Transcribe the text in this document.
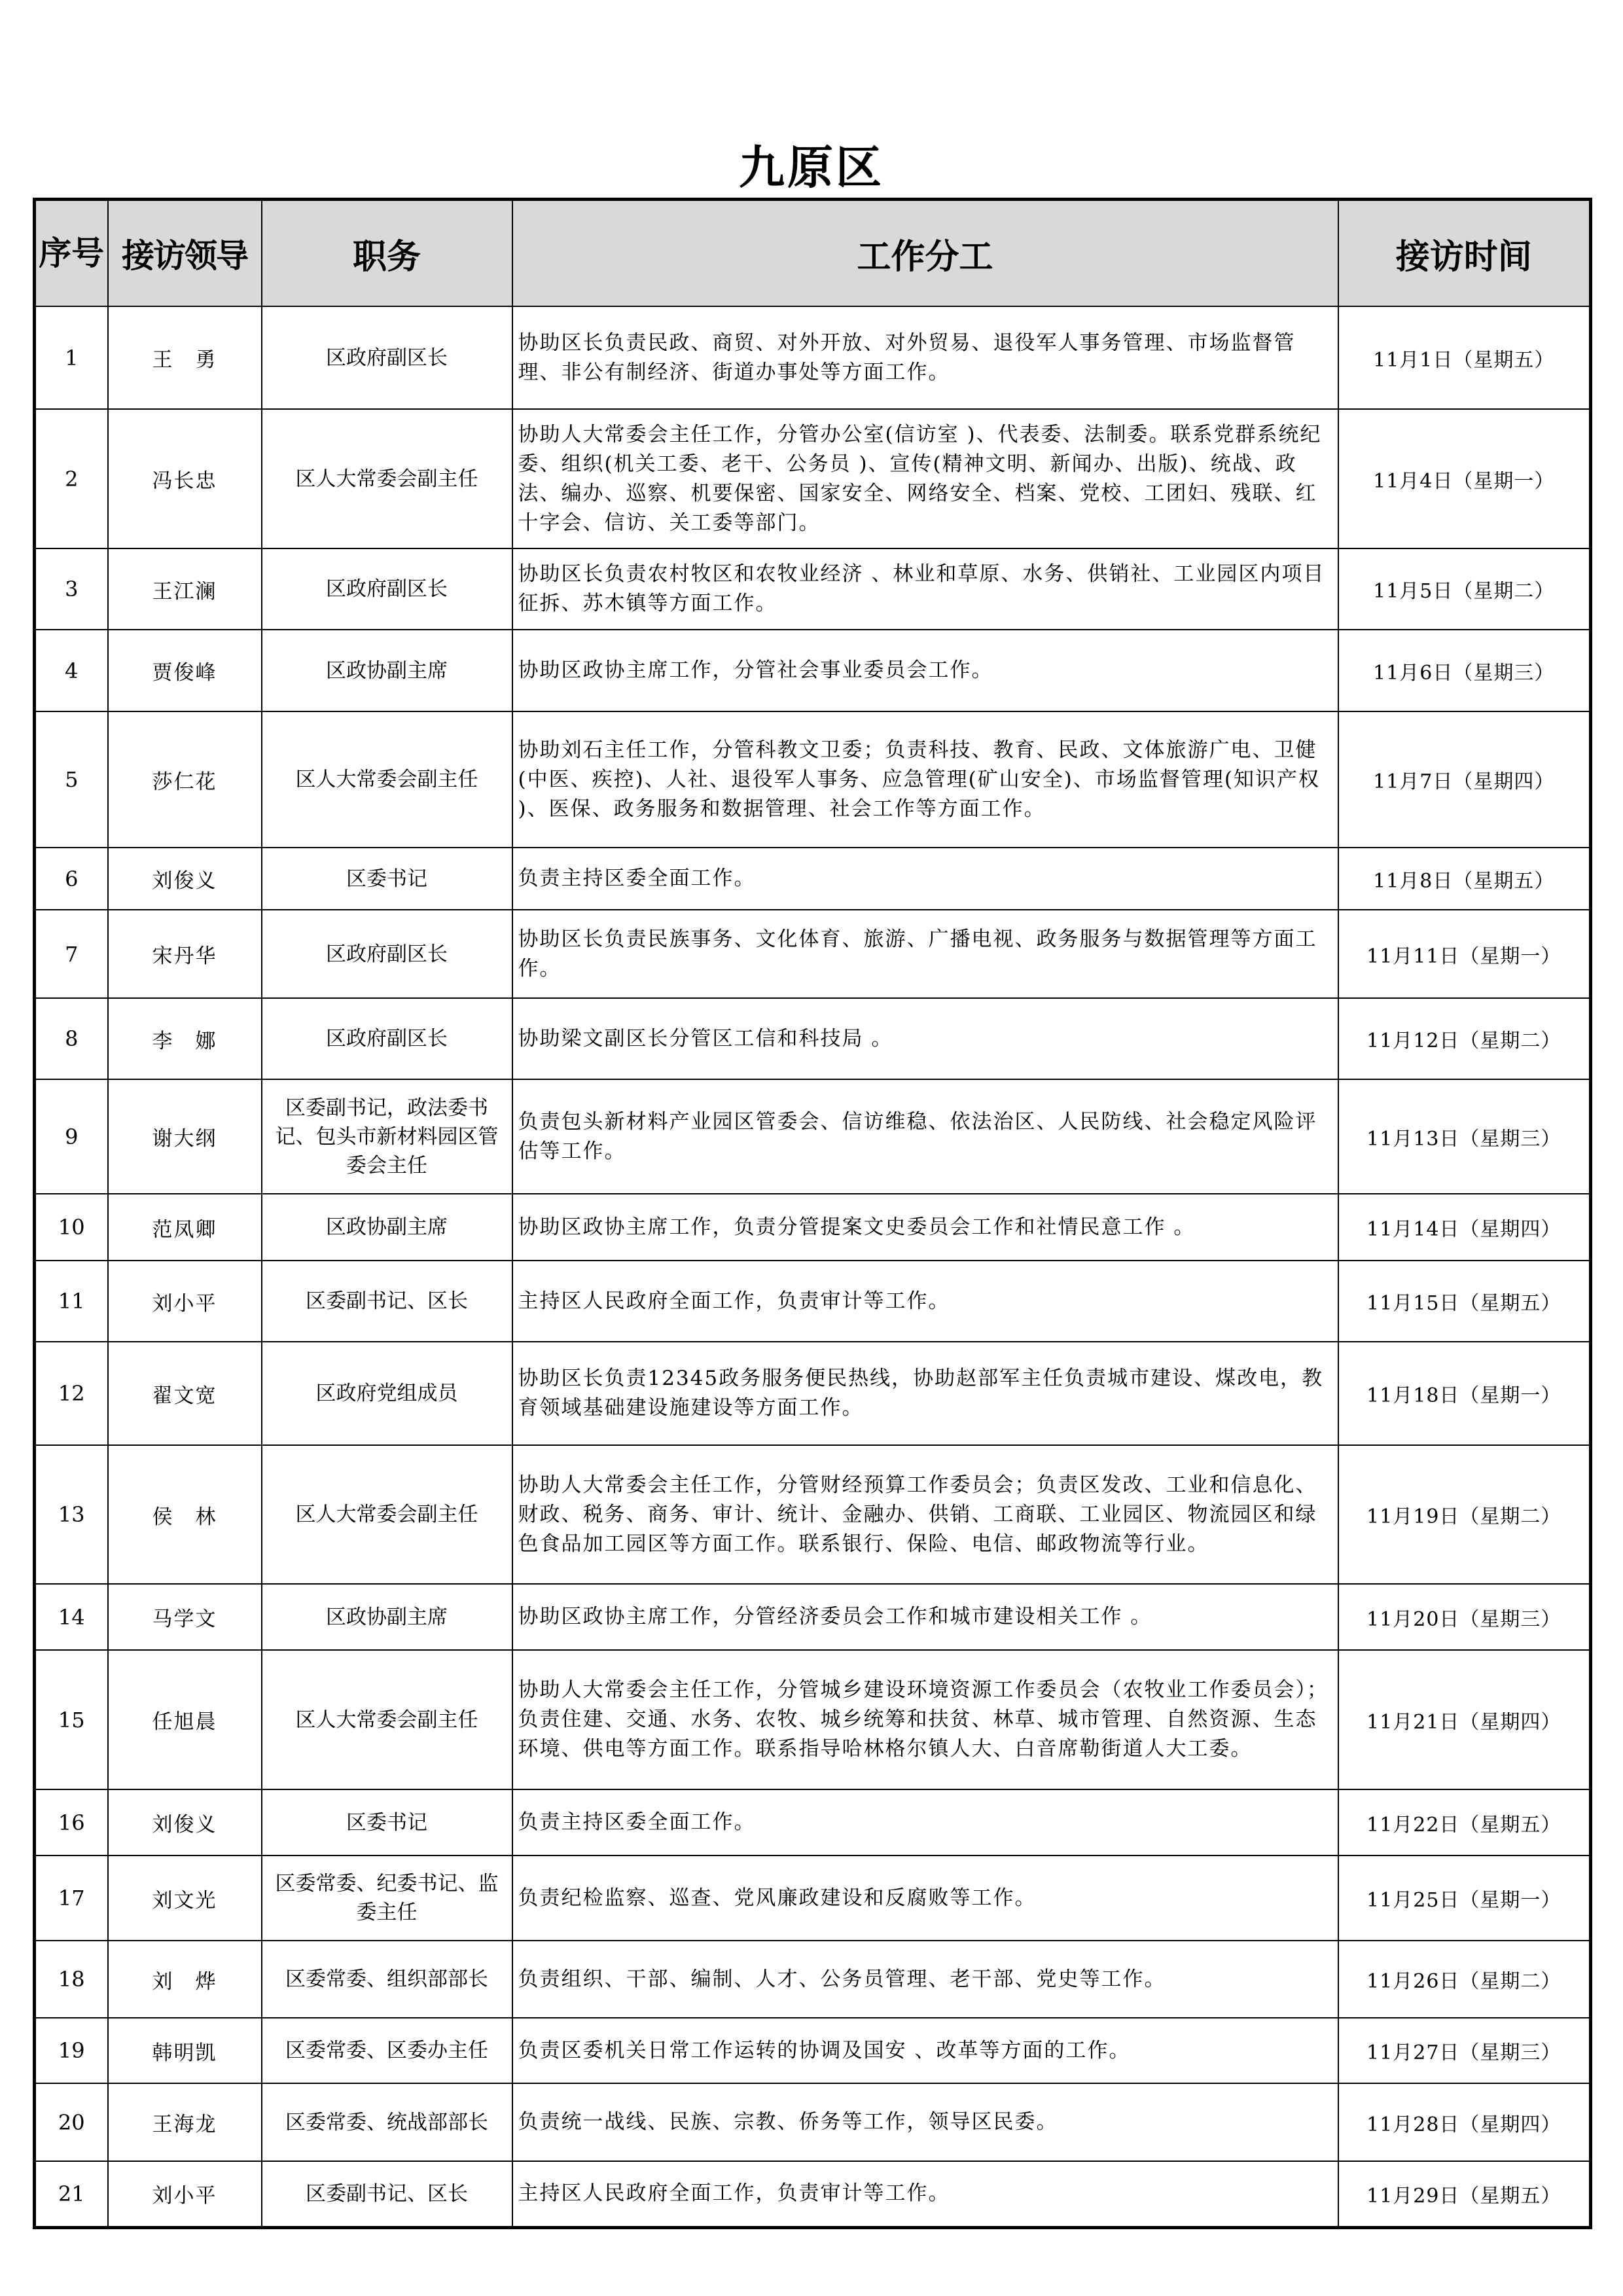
九原区
序号	接访领导	职务	工作分工	接访时间
1	王　勇	区政府副区长	协助区长负责民政、商贸、对外开放、对外贸易、退役军人事务管理、市场监督管理、非公有制经济、街道办事处等方面工作。	11月1日（星期五）
2	冯长忠	区人大常委会副主任	协助人大常委会主任工作，分管办公室(信访室 )、代表委、法制委。联系党群系统纪委、组织(机关工委、老干、公务员 )、宣传(精神文明、新闻办、出版)、统战、政法、编办、巡察、机要保密、国家安全、网络安全、档案、党校、工团妇、残联、红十字会、信访、关工委等部门。	11月4日（星期一）
3	王江澜	区政府副区长	协助区长负责农村牧区和农牧业经济 、林业和草原、水务、供销社、工业园区内项目征拆、苏木镇等方面工作。	11月5日（星期二）
4	贾俊峰	区政协副主席	协助区政协主席工作，分管社会事业委员会工作。	11月6日（星期三）
5	莎仁花	区人大常委会副主任	协助刘石主任工作，分管科教文卫委；负责科技、教育、民政、文体旅游广电、卫健(中医、疾控)、人社、退役军人事务、应急管理(矿山安全)、市场监督管理(知识产权 )、医保、政务服务和数据管理、社会工作等方面工作。	11月7日（星期四）
6	刘俊义	区委书记	负责主持区委全面工作。	11月8日（星期五）
7	宋丹华	区政府副区长	协助区长负责民族事务、文化体育、旅游、广播电视、政务服务与数据管理等方面工作。	11月11日（星期一）
8	李　娜	区政府副区长	协助梁文副区长分管区工信和科技局 。	11月12日（星期二）
9	谢大纲	区委副书记，政法委书记、包头市新材料园区管委会主任	负责包头新材料产业园区管委会、信访维稳、依法治区、人民防线、社会稳定风险评估等工作。	11月13日（星期三）
10	范凤卿	区政协副主席	协助区政协主席工作，负责分管提案文史委员会工作和社情民意工作 。	11月14日（星期四）
11	刘小平	区委副书记、区长	主持区人民政府全面工作，负责审计等工作。	11月15日（星期五）
12	翟文宽	区政府党组成员	协助区长负责12345政务服务便民热线，协助赵部军主任负责城市建设、煤改电，教育领域基础建设施建设等方面工作。	11月18日（星期一）
13	侯　林	区人大常委会副主任	协助人大常委会主任工作，分管财经预算工作委员会；负责区发改、工业和信息化、财政、税务、商务、审计、统计、金融办、供销、工商联、工业园区、物流园区和绿色食品加工园区等方面工作。联系银行、保险、电信、邮政物流等行业。	11月19日（星期二）
14	马学文	区政协副主席	协助区政协主席工作，分管经济委员会工作和城市建设相关工作 。	11月20日（星期三）
15	任旭晨	区人大常委会副主任	协助人大常委会主任工作，分管城乡建设环境资源工作委员会（农牧业工作委员会）；负责住建、交通、水务、农牧、城乡统筹和扶贫、林草、城市管理、自然资源、生态环境、供电等方面工作。联系指导哈林格尔镇人大、白音席勒街道人大工委。	11月21日（星期四）
16	刘俊义	区委书记	负责主持区委全面工作。	11月22日（星期五）
17	刘文光	区委常委、纪委书记、监委主任	负责纪检监察、巡查、党风廉政建设和反腐败等工作。	11月25日（星期一）
18	刘　烨	区委常委、组织部部长	负责组织、干部、编制、人才、公务员管理、老干部、党史等工作。	11月26日（星期二）
19	韩明凯	区委常委、区委办主任	负责区委机关日常工作运转的协调及国安 、改革等方面的工作。	11月27日（星期三）
20	王海龙	区委常委、统战部部长	负责统一战线、民族、宗教、侨务等工作，领导区民委。	11月28日（星期四）
21	刘小平	区委副书记、区长	主持区人民政府全面工作，负责审计等工作。	11月29日（星期五）
